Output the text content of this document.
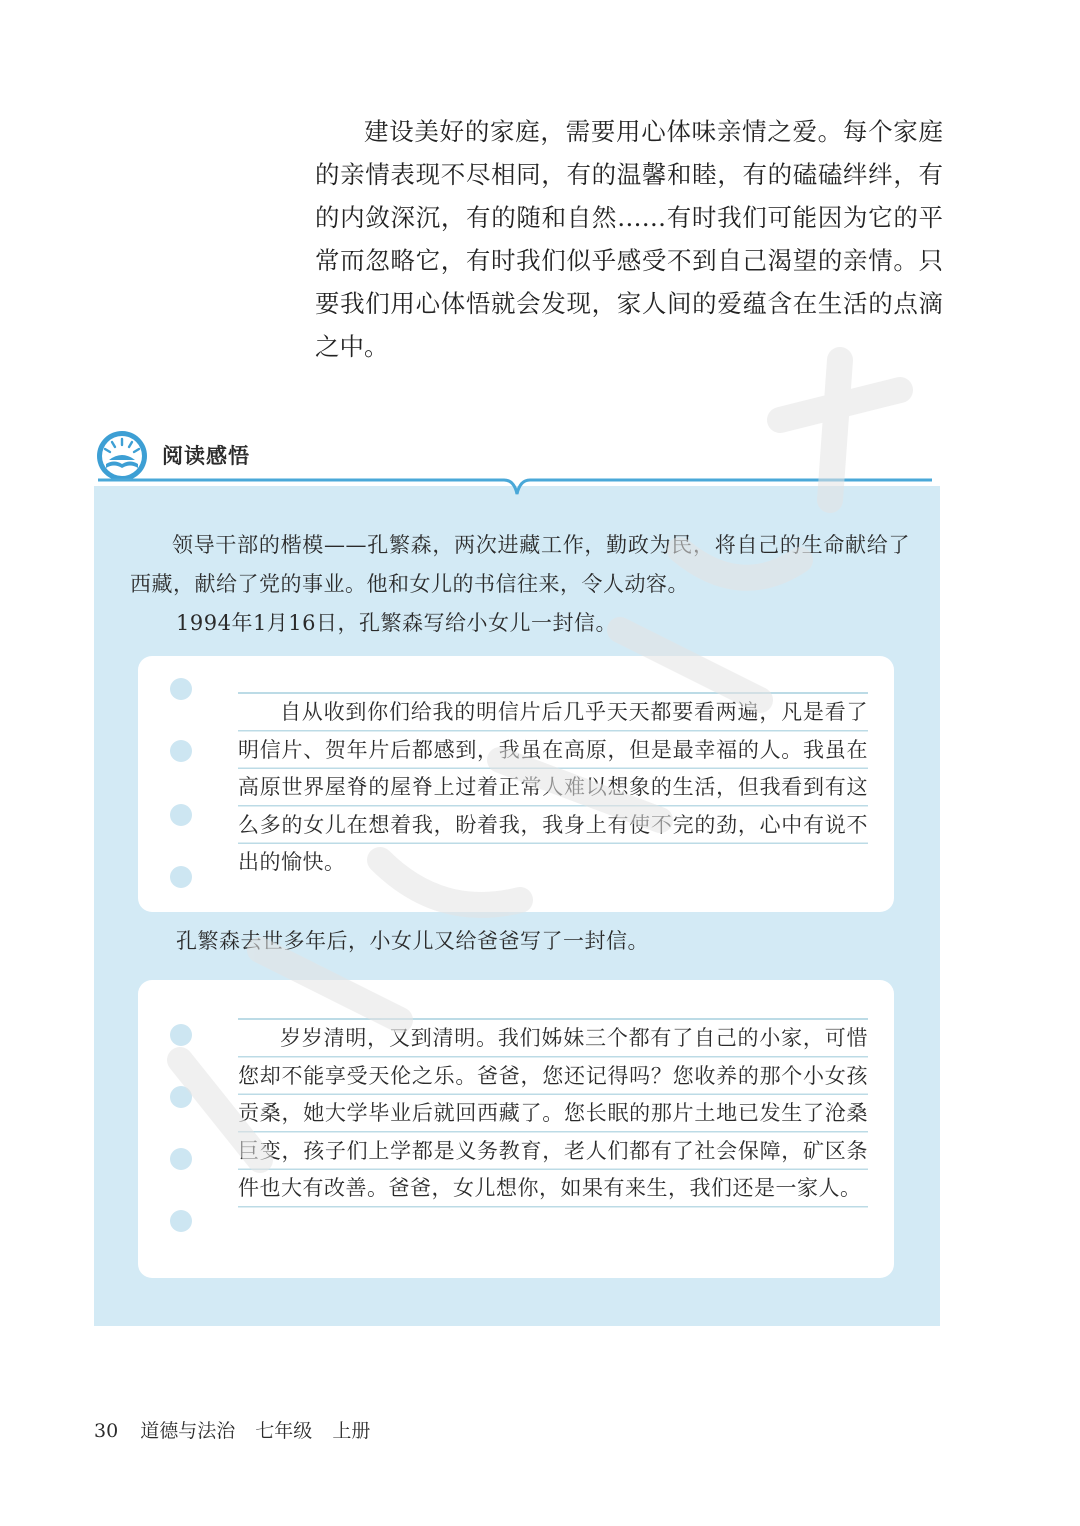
建设美好的家庭，需要用心体味亲情之爱。每个家庭的亲情表现不尽相同，有的温馨和睦，有的磕磕绊绊，有的内敛深沉，有的随和自然……有时我们可能因为它的平常而忽略它，有时我们似乎感受不到自己渴望的亲情。只要我们用心体悟就会发现，家人间的爱蕴含在生活的点滴之中。

阅读感悟

领导干部的楷模——孔繁森，两次进藏工作，勤政为民，将自己的生命献给了西藏，献给了党的事业。他和女儿的书信往来，令人动容。

1994年1月16日，孔繁森写给小女儿一封信。

自从收到你们给我的明信片后几乎天天都要看两遍，凡是看了明信片、贺年片后都感到，我虽在高原，但是最幸福的人。我虽在高原世界屋脊的屋脊上过着正常人难以想象的生活，但我看到有这么多的女儿在想着我，盼着我，我身上有使不完的劲，心中有说不出的愉快。

孔繁森去世多年后，小女儿又给爸爸写了一封信。

岁岁清明，又到清明。我们姊妹三个都有了自己的小家，可惜您却不能享受天伦之乐。爸爸，您还记得吗？您收养的那个小女孩贡桑，她大学毕业后就回西藏了。您长眠的那片土地已发生了沧桑巨变，孩子们上学都是义务教育，老人们都有了社会保障，矿区条件也大有改善。爸爸，女儿想你，如果有来生，我们还是一家人。

30 道德与法治 七年级 上册
